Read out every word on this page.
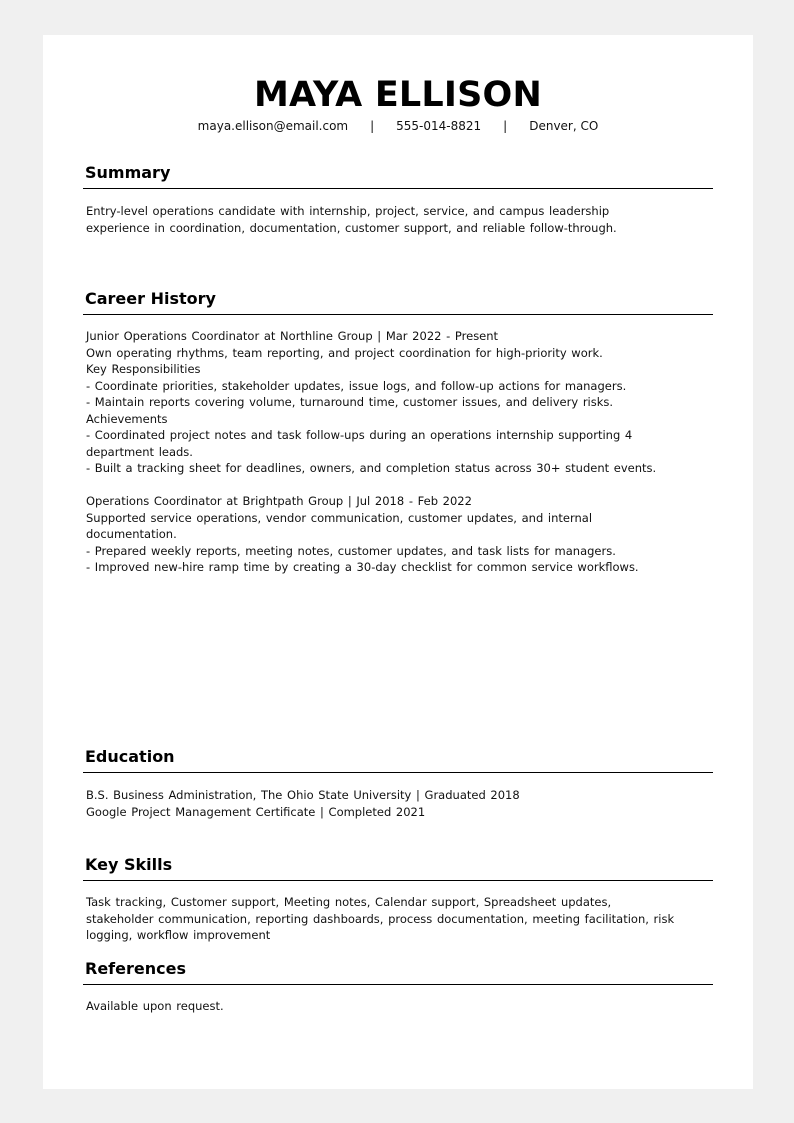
MAYA ELLISON
maya.ellison@email.com | 555-014-8821 | Denver, CO
Summary
Entry-level operations candidate with internship, project, service, and campus leadership experience in coordination, documentation, customer support, and reliable follow-through.
Career History
Junior Operations Coordinator at Northline Group | Mar 2022 - Present
Own operating rhythms, team reporting, and project coordination for high-priority work.
Key Responsibilities
- Coordinate priorities, stakeholder updates, issue logs, and follow-up actions for managers.
- Maintain reports covering volume, turnaround time, customer issues, and delivery risks.
Achievements
- Coordinated project notes and task follow-ups during an operations internship supporting 4 department leads.
- Built a tracking sheet for deadlines, owners, and completion status across 30+ student events.
Operations Coordinator at Brightpath Group | Jul 2018 - Feb 2022
Supported service operations, vendor communication, customer updates, and internal documentation.
- Prepared weekly reports, meeting notes, customer updates, and task lists for managers.
- Improved new-hire ramp time by creating a 30-day checklist for common service workflows.
Education
B.S. Business Administration, The Ohio State University | Graduated 2018
Google Project Management Certificate | Completed 2021
Key Skills
Task tracking, Customer support, Meeting notes, Calendar support, Spreadsheet updates, stakeholder communication, reporting dashboards, process documentation, meeting facilitation, risk logging, workflow improvement
References
Available upon request.
